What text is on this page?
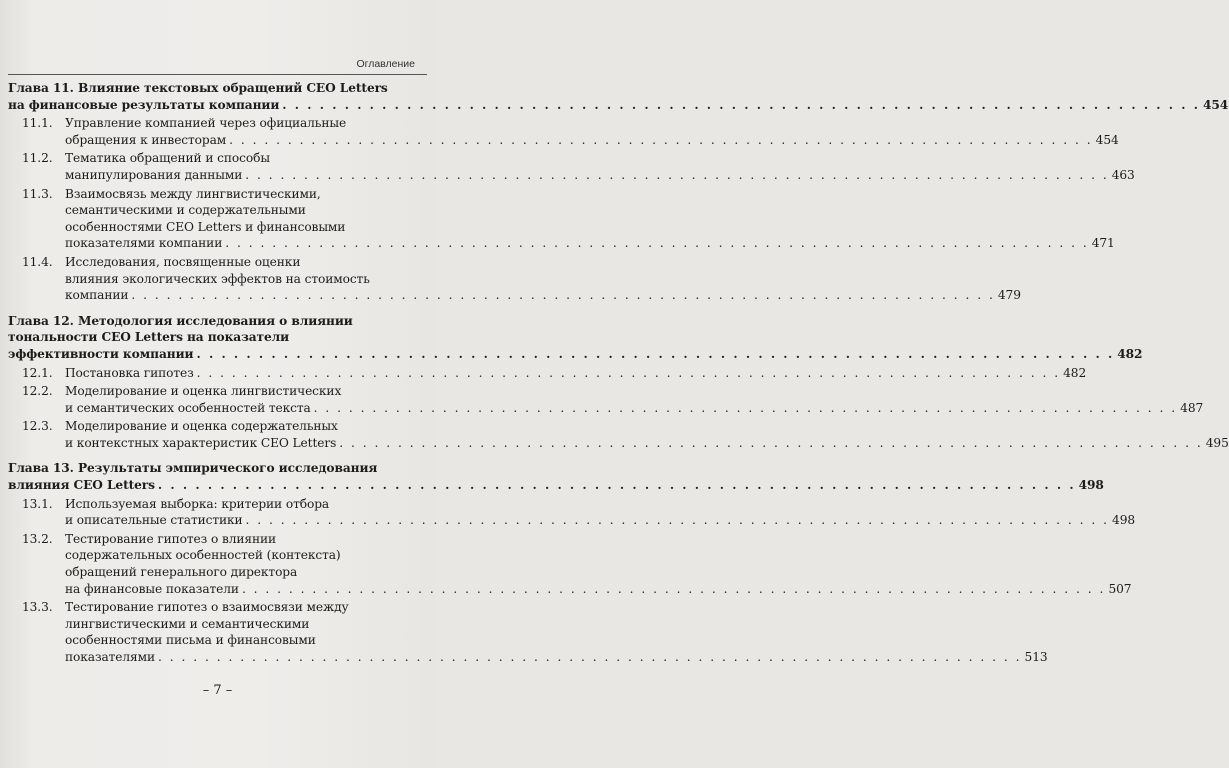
Оглавление
Глава 11. Влияние текстовых обращений CEO Letters
на финансовые результаты компании . . .	454
11.1.	Управление компанией через официальные
обращения к инвесторам . . .	454
11.2.	Тематика обращений и способы
манипулирования данными . . .	463
11.3.	Взаимосвязь между лингвистическими,
семантическими и содержательными
особенностями CEO Letters и финансовыми
показателями компании . . .	471
11.4.	Исследования, посвященные оценки
влияния экологических эффектов на стоимость
компании . . .	479
Глава 12. Методология исследования о влиянии
тональности CEO Letters на показатели
эффективности компании . . .	482
12.1.	Постановка гипотез . . .	482
12.2.	Моделирование и оценка лингвистических
и семантических особенностей текста . . .	487
12.3.	Моделирование и оценка содержательных
и контекстных характеристик CEO Letters . . .	495
Глава 13. Результаты эмпирического исследования
влияния CEO Letters . . .	498
13.1.	Используемая выборка: критерии отбора
и описательные статистики . . .	498
13.2.	Тестирование гипотез о влиянии
содержательных особенностей (контекста)
обращений генерального директора
на финансовые показатели . . .	507
13.3.	Тестирование гипотез о взаимосвязи между
лингвистическими и семантическими
особенностями письма и финансовыми
показателями . . .	513
– 7 –
